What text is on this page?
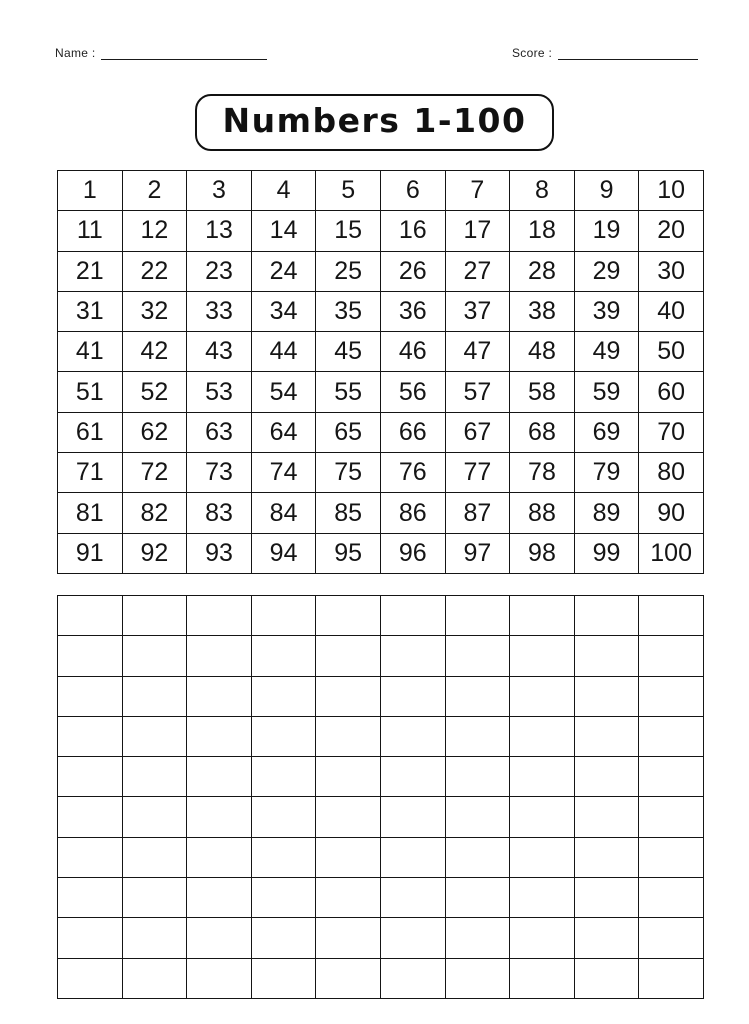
Name :	Score :
Numbers 1-100
1	2	3	4	5	6	7	8	9	10
11	12	13	14	15	16	17	18	19	20
21	22	23	24	25	26	27	28	29	30
31	32	33	34	35	36	37	38	39	40
41	42	43	44	45	46	47	48	49	50
51	52	53	54	55	56	57	58	59	60
61	62	63	64	65	66	67	68	69	70
71	72	73	74	75	76	77	78	79	80
81	82	83	84	85	86	87	88	89	90
91	92	93	94	95	96	97	98	99	100
